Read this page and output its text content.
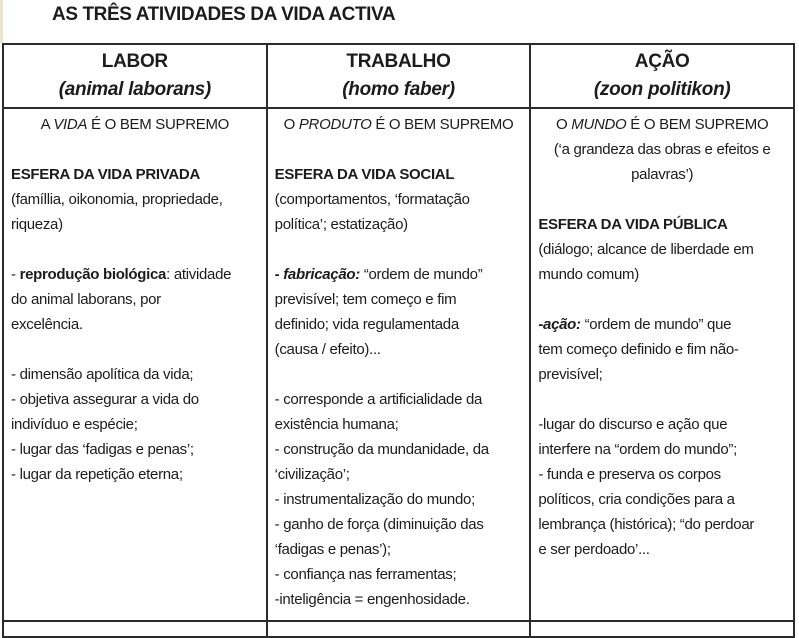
AS TRÊS ATIVIDADES DA VIDA ACTIVA
LABOR
(animal laborans)
TRABALHO
(homo faber)
AÇÃO
(zoon politikon)

A VIDA É O BEM SUPREMO

ESFERA DA VIDA PRIVADA

(famíllia, oikonomia, propriedade,

riqueza)

- reprodução biológica: atividade

do animal laborans, por

excelência.

- dimensão apolítica da vida;

- objetiva assegurar a vida do

indivíduo e espécie;

- lugar das ‘fadigas e penas’;

- lugar da repetição eterna;

O PRODUTO É O BEM SUPREMO

ESFERA DA VIDA SOCIAL

(comportamentos, ‘formatação

política’; estatização)

- fabricação: “ordem de mundo”

previsível; tem começo e fim

definido; vida regulamentada

(causa / efeito)...

- corresponde a artificialidade da

existência humana;

- construção da mundanidade, da

‘civilização’;

- instrumentalização do mundo;

- ganho de força (diminuição das

‘fadigas e penas’);

- confiança nas ferramentas;

-inteligência = engenhosidade.

O MUNDO É O BEM SUPREMO

(‘a grandeza das obras e efeitos e

palavras’)

ESFERA DA VIDA PÚBLICA

(diálogo; alcance de liberdade em

mundo comum)

-ação: “ordem de mundo” que

tem começo definido e fim não-

previsível;

-lugar do discurso e ação que

interfere na “ordem do mundo”;

- funda e preserva os corpos

políticos, cria condições para a

lembrança (histórica); “do perdoar

e ser perdoado’...
